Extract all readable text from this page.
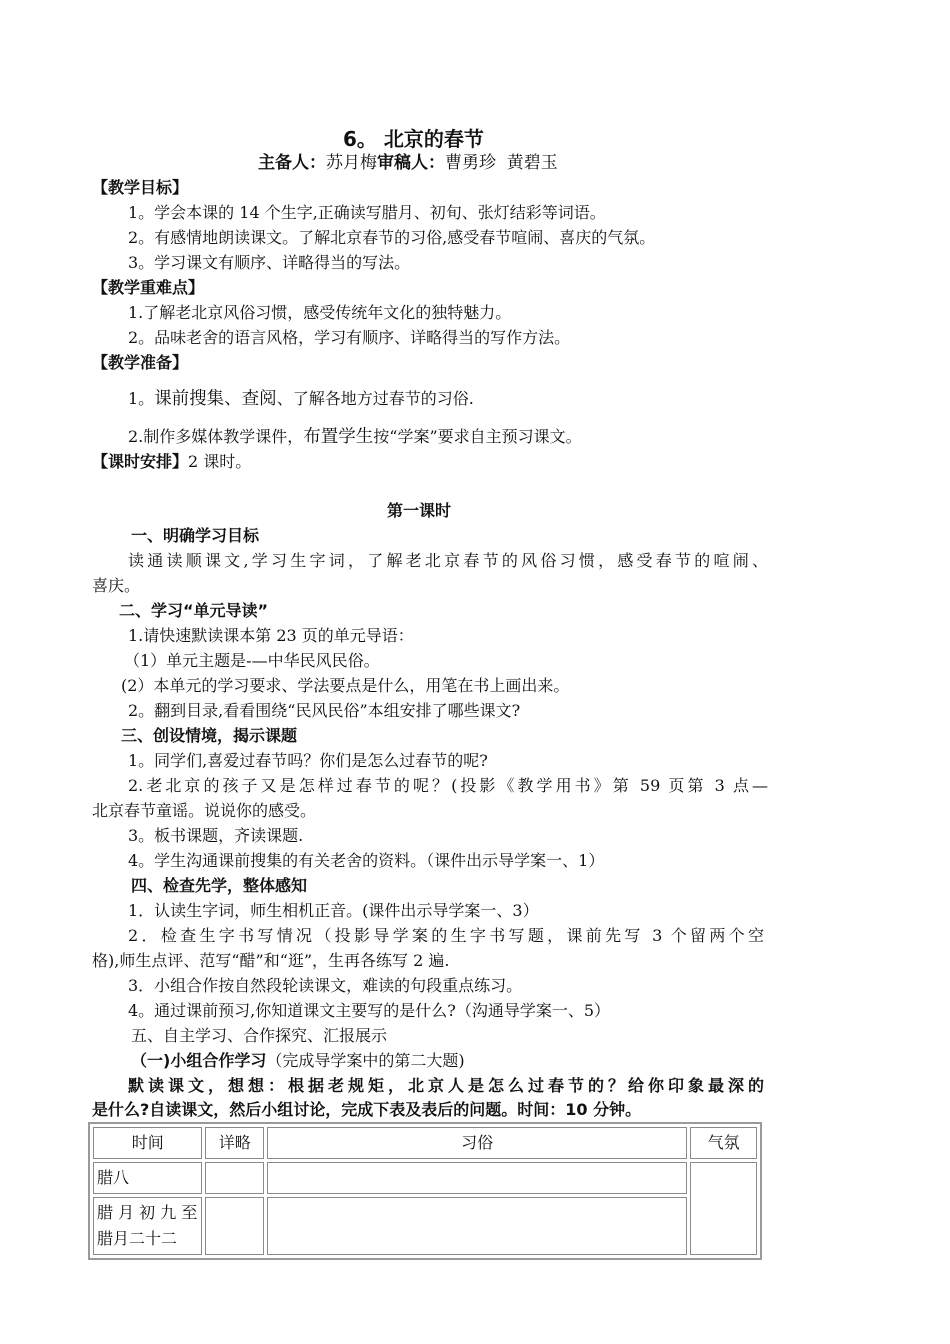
6。 北京的春节
主备人：苏月梅审稿人：曹勇珍  黄碧玉
【教学目标】
1。学会本课的 14 个生字,正确读写腊月、初旬、张灯结彩等词语。
2。有感情地朗读课文。了解北京春节的习俗,感受春节喧闹、喜庆的气氛。
3。学习课文有顺序、详略得当的写法。
【教学重难点】
1.了解老北京风俗习惯，感受传统年文化的独特魅力。
2。品味老舍的语言风格，学习有顺序、详略得当的写作方法。
【教学准备】
1。课前搜集、查阅、了解各地方过春节的习俗.
2.制作多媒体教学课件，布置学生按“学案”要求自主预习课文。
【课时安排】2 课时。
第一课时
一、明确学习目标
读通读顺课文,学习生字词，了解老北京春节的风俗习惯，感受春节的喧闹、
喜庆。
二、学习“单元导读”
1.请快速默读课本第 23 页的单元导语：
（1）单元主题是-—中华民风民俗。
(2）本单元的学习要求、学法要点是什么，用笔在书上画出来。
2。翻到目录,看看围绕“民风民俗”本组安排了哪些课文?
三、创设情境，揭示课题
1。同学们,喜爱过春节吗？你们是怎么过春节的呢?
2.老北京的孩子又是怎样过春节的呢？(投影《教学用书》第 59 页第 3 点—
北京春节童谣。说说你的感受。
3。板书课题，齐读课题.
4。学生沟通课前搜集的有关老舍的资料。（课件出示导学案一、1）
四、检查先学，整体感知
1．认读生字词，师生相机正音。(课件出示导学案一、3）
2．检查生字书写情况（投影导学案的生字书写题，课前先写 3 个留两个空
格),师生点评、范写“醋”和“逛”，生再各练写 2 遍.
3．小组合作按自然段轮读课文，难读的句段重点练习。
4。通过课前预习,你知道课文主要写的是什么?（沟通导学案一、5）
五、自主学习、合作探究、汇报展示
（一)小组合作学习（完成导学案中的第二大题)
默读课文，想想：根据老规矩，北京人是怎么过春节的？给你印象最深的
是什么?自读课文，然后小组讨论，完成下表及表后的问题。时间：10 分钟。
时间	详略	习俗	气氛
腊八			

腊 月 初 九 至
腊月二十二			
